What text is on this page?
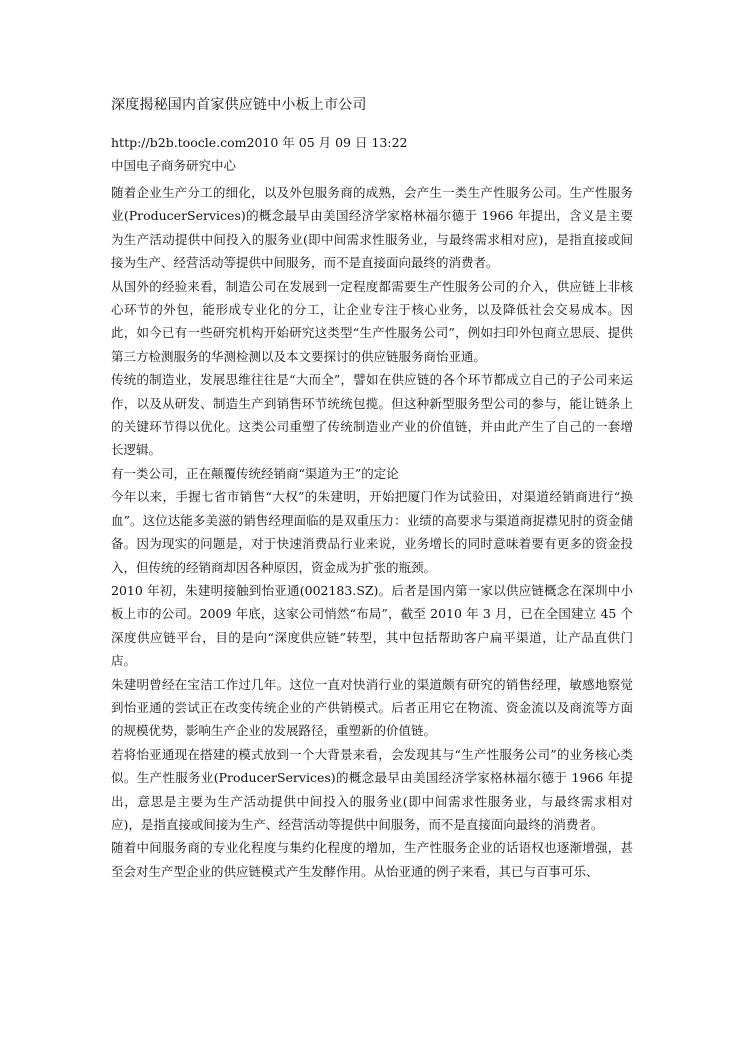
深度揭秘国内首家供应链中小板上市公司
http://b2b.toocle.com2010 年 05 月 09 日 13:22
中国电子商务研究中心

随着企业生产分工的细化，以及外包服务商的成熟，会产生一类生产性服务公司。生产性服务业(ProducerServices)的概念最早由美国经济学家格林福尔德于 1966 年提出，含义是主要为生产活动提供中间投入的服务业(即中间需求性服务业，与最终需求相对应)，是指直接或间接为生产、经营活动等提供中间服务，而不是直接面向最终的消费者。

从国外的经验来看，制造公司在发展到一定程度都需要生产性服务公司的介入，供应链上非核心环节的外包，能形成专业化的分工，让企业专注于核心业务，以及降低社会交易成本。因此，如今已有一些研究机构开始研究这类型“生产性服务公司”，例如扫印外包商立思辰、提供第三方检测服务的华测检测以及本文要探讨的供应链服务商怡亚通。

传统的制造业，发展思维往往是“大而全”，譬如在供应链的各个环节都成立自己的子公司来运作，以及从研发、制造生产到销售环节统统包揽。但这种新型服务型公司的参与，能让链条上的关键环节得以优化。这类公司重塑了传统制造业产业的价值链，并由此产生了自己的一套增长逻辑。

有一类公司，正在颠覆传统经销商“渠道为王”的定论

今年以来，手握七省市销售“大权”的朱建明，开始把厦门作为试验田，对渠道经销商进行“换血”。这位达能多美滋的销售经理面临的是双重压力：业绩的高要求与渠道商捉襟见肘的资金储备。因为现实的问题是，对于快速消费品行业来说，业务增长的同时意味着要有更多的资金投入，但传统的经销商却因各种原因，资金成为扩张的瓶颈。

2010 年初，朱建明接触到怡亚通(002183.SZ)。后者是国内第一家以供应链概念在深圳中小板上市的公司。2009 年底，这家公司悄然“布局”，截至 2010 年 3 月，已在全国建立 45 个深度供应链平台，目的是向“深度供应链”转型，其中包括帮助客户扁平渠道，让产品直供门店。

朱建明曾经在宝洁工作过几年。这位一直对快消行业的渠道颇有研究的销售经理，敏感地察觉到怡亚通的尝试正在改变传统企业的产供销模式。后者正用它在物流、资金流以及商流等方面的规模优势，影响生产企业的发展路径，重塑新的价值链。

若将怡亚通现在搭建的模式放到一个大背景来看，会发现其与“生产性服务公司”的业务核心类似。生产性服务业(ProducerServices)的概念最早由美国经济学家格林福尔德于 1966 年提出，意思是主要为生产活动提供中间投入的服务业(即中间需求性服务业，与最终需求相对应)，是指直接或间接为生产、经营活动等提供中间服务，而不是直接面向最终的消费者。

随着中间服务商的专业化程度与集约化程度的增加，生产性服务企业的话语权也逐渐增强，甚至会对生产型企业的供应链模式产生发酵作用。从怡亚通的例子来看，其已与百事可乐、
